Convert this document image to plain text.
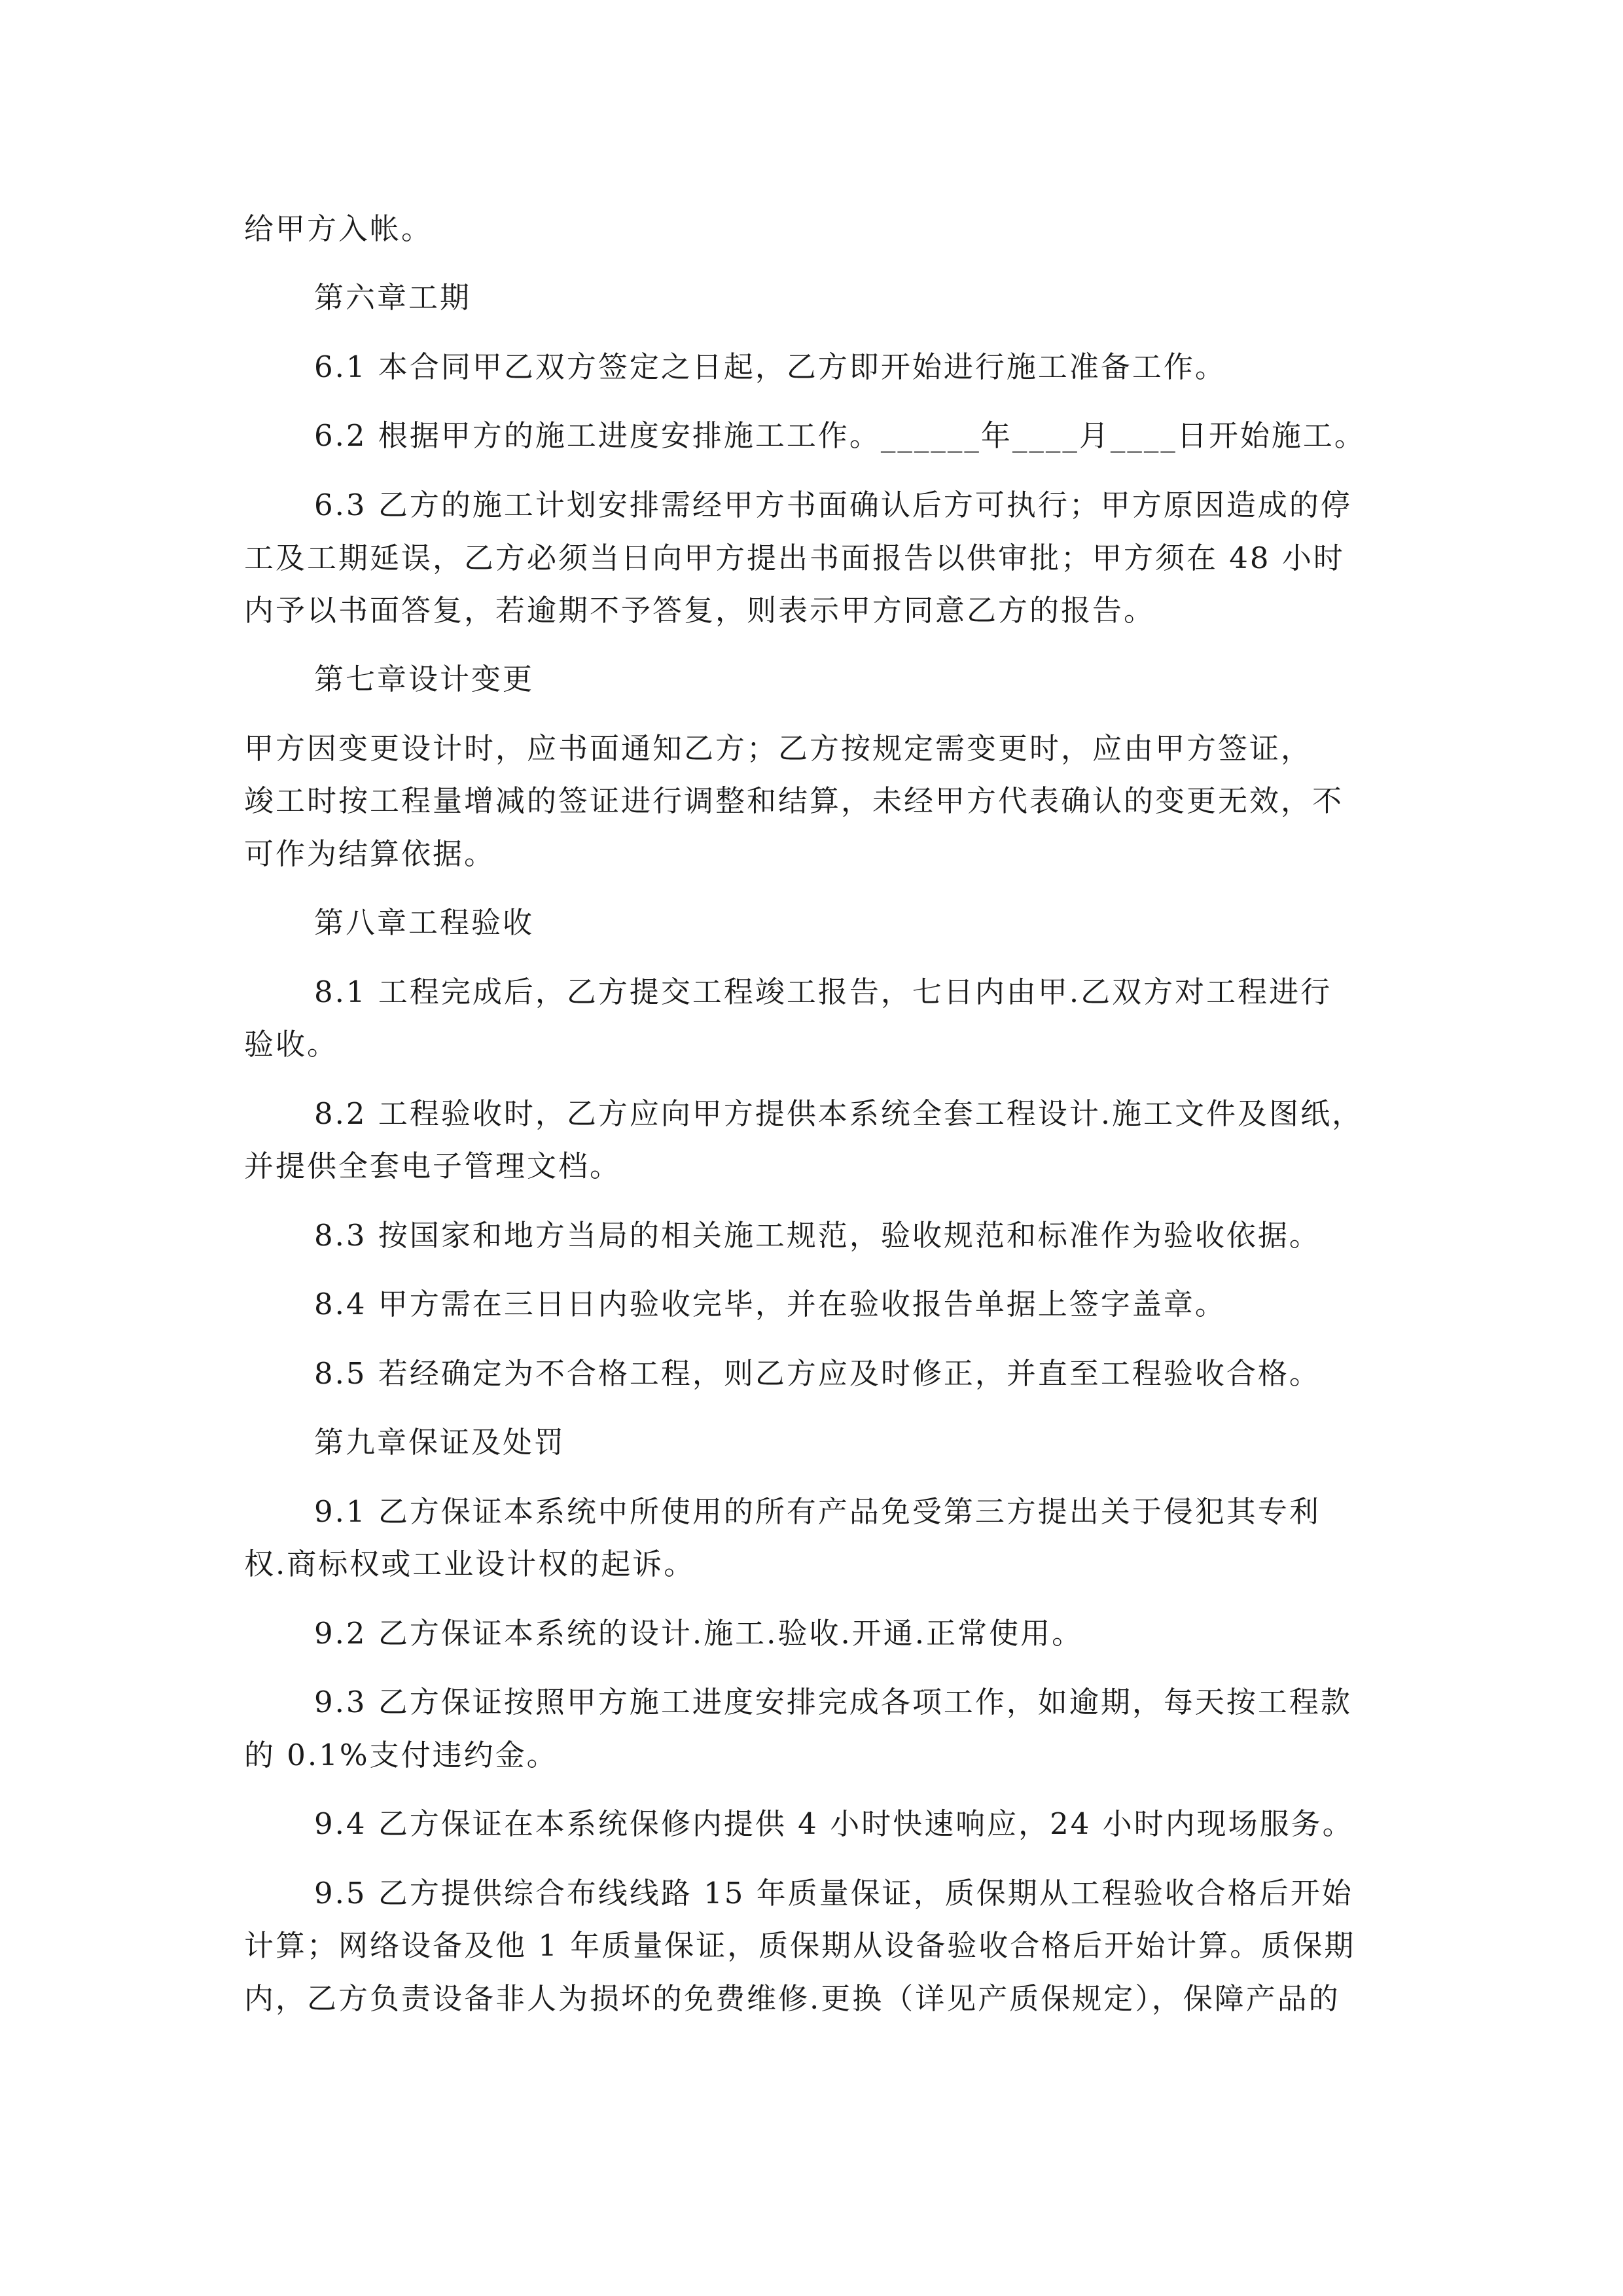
给甲方入帐。

第六章工期

6.1 本合同甲乙双方签定之日起，乙方即开始进行施工准备工作。

6.2 根据甲方的施工进度安排施工工作。______年____月____日开始施工。

6.3 乙方的施工计划安排需经甲方书面确认后方可执行；甲方原因造成的停

工及工期延误，乙方必须当日向甲方提出书面报告以供审批；甲方须在 48 小时

内予以书面答复，若逾期不予答复，则表示甲方同意乙方的报告。

第七章设计变更

甲方因变更设计时，应书面通知乙方；乙方按规定需变更时，应由甲方签证，

竣工时按工程量增减的签证进行调整和结算，未经甲方代表确认的变更无效，不

可作为结算依据。

第八章工程验收

8.1 工程完成后，乙方提交工程竣工报告，七日内由甲.乙双方对工程进行

验收。

8.2 工程验收时，乙方应向甲方提供本系统全套工程设计.施工文件及图纸，

并提供全套电子管理文档。

8.3 按国家和地方当局的相关施工规范，验收规范和标准作为验收依据。

8.4 甲方需在三日日内验收完毕，并在验收报告单据上签字盖章。

8.5 若经确定为不合格工程，则乙方应及时修正，并直至工程验收合格。

第九章保证及处罚

9.1 乙方保证本系统中所使用的所有产品免受第三方提出关于侵犯其专利

权.商标权或工业设计权的起诉。

9.2 乙方保证本系统的设计.施工.验收.开通.正常使用。

9.3 乙方保证按照甲方施工进度安排完成各项工作，如逾期，每天按工程款

的 0.1%支付违约金。

9.4 乙方保证在本系统保修内提供 4 小时快速响应，24 小时内现场服务。

9.5 乙方提供综合布线线路 15 年质量保证，质保期从工程验收合格后开始

计算；网络设备及他 1 年质量保证，质保期从设备验收合格后开始计算。质保期

内，乙方负责设备非人为损坏的免费维修.更换（详见产质保规定），保障产品的
